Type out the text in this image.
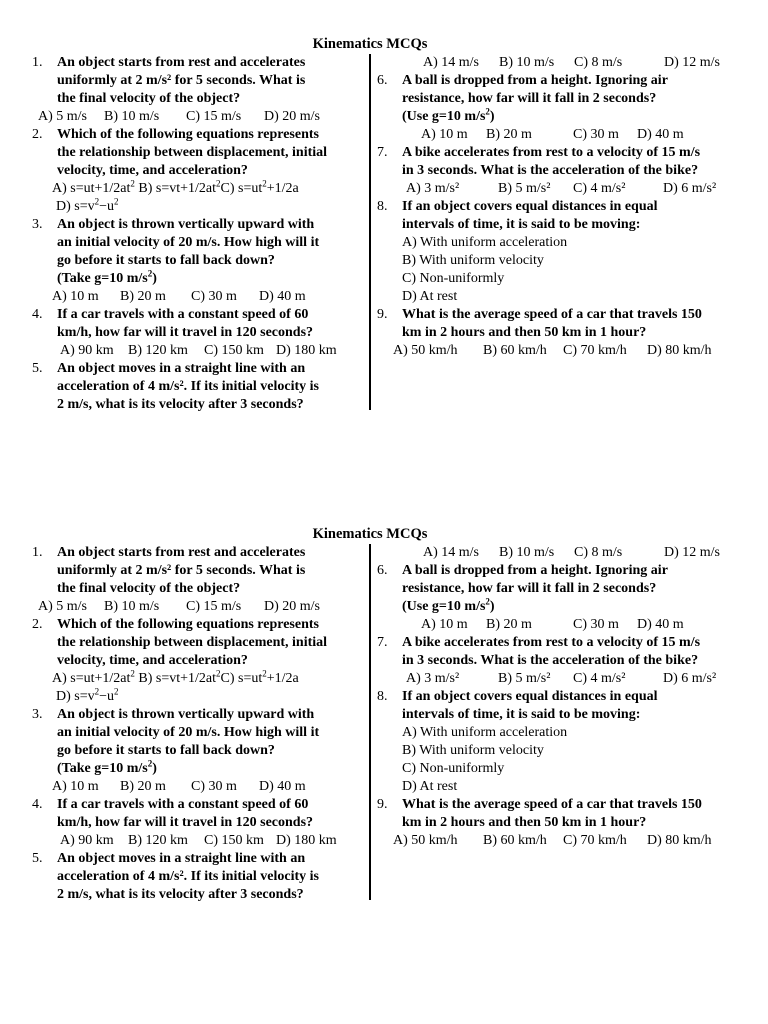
Kinematics MCQs
1.	An object starts from rest and accelerates
uniformly at 2 m/s² for 5 seconds. What is
the final velocity of the object?
A) 5 m/s B) 10 m/s C) 15 m/s D) 20 m/s
2.	Which of the following equations represents
the relationship between displacement, initial
velocity, time, and acceleration?
A) $s=ut+1/2at^2$ B) $s=vt+1/2at^2C$) $s=ut^2+1/2a$
D) $s=v^2-u^2$
3.	An object is thrown vertically upward with
an initial velocity of 20 m/s. How high will it
go before it starts to fall back down?
(Take g=10 $m/s^2$)
A) 10 m B) 20 m C) 30 m D) 40 m
4.	If a car travels with a constant speed of 60
km/h, how far will it travel in 120 seconds?
A) 90 km B) 120 km C) 150 km D) 180 km
5.	An object moves in a straight line with an
acceleration of 4 m/s². If its initial velocity is
2 m/s, what is its velocity after 3 seconds?
A) 14 m/s B) 10 m/s C) 8 m/s	D) 12 m/s
6.	A ball is dropped from a height. Ignoring air
resistance, how far will it fall in 2 seconds?
(Use g=10 $m/s^2$)
A) 10 m B) 20 m	C) 30 m D) 40 m
7.	A bike accelerates from rest to a velocity of 15 m/s
in 3 seconds. What is the acceleration of the bike?
A) 3 m/s²	B) 5 m/s² C) 4 m/s²	D) 6 m/s²
8.	If an object covers equal distances in equal
intervals of time, it is said to be moving:
A) With uniform acceleration
B) With uniform velocity
C) Non-uniformly
D) At rest
9.	What is the average speed of a car that travels 150
km in 2 hours and then 50 km in 1 hour?
A) 50 km/h B) 60 km/h C) 70 km/h D) 80 km/h
Kinematics MCQs
1.	An object starts from rest and accelerates
uniformly at 2 m/s² for 5 seconds. What is
the final velocity of the object?
A) 5 m/s B) 10 m/s C) 15 m/s D) 20 m/s
2.	Which of the following equations represents
the relationship between displacement, initial
velocity, time, and acceleration?
A) $s=ut+1/2at^2$ B) $s=vt+1/2at^2C$) $s=ut^2+1/2a$
D) $s=v^2-u^2$
3.	An object is thrown vertically upward with
an initial velocity of 20 m/s. How high will it
go before it starts to fall back down?
(Take g=10 $m/s^2$)
A) 10 m B) 20 m C) 30 m D) 40 m
4.	If a car travels with a constant speed of 60
km/h, how far will it travel in 120 seconds?
A) 90 km B) 120 km C) 150 km D) 180 km
5.	An object moves in a straight line with an
acceleration of 4 m/s². If its initial velocity is
2 m/s, what is its velocity after 3 seconds?
A) 14 m/s B) 10 m/s C) 8 m/s	D) 12 m/s
6.	A ball is dropped from a height. Ignoring air
resistance, how far will it fall in 2 seconds?
(Use g=10 $m/s^2$)
A) 10 m B) 20 m	C) 30 m D) 40 m
7.	A bike accelerates from rest to a velocity of 15 m/s
in 3 seconds. What is the acceleration of the bike?
A) 3 m/s²	B) 5 m/s² C) 4 m/s²	D) 6 m/s²
8.	If an object covers equal distances in equal
intervals of time, it is said to be moving:
A) With uniform acceleration
B) With uniform velocity
C) Non-uniformly
D) At rest
9.	What is the average speed of a car that travels 150
km in 2 hours and then 50 km in 1 hour?
A) 50 km/h B) 60 km/h C) 70 km/h D) 80 km/h
